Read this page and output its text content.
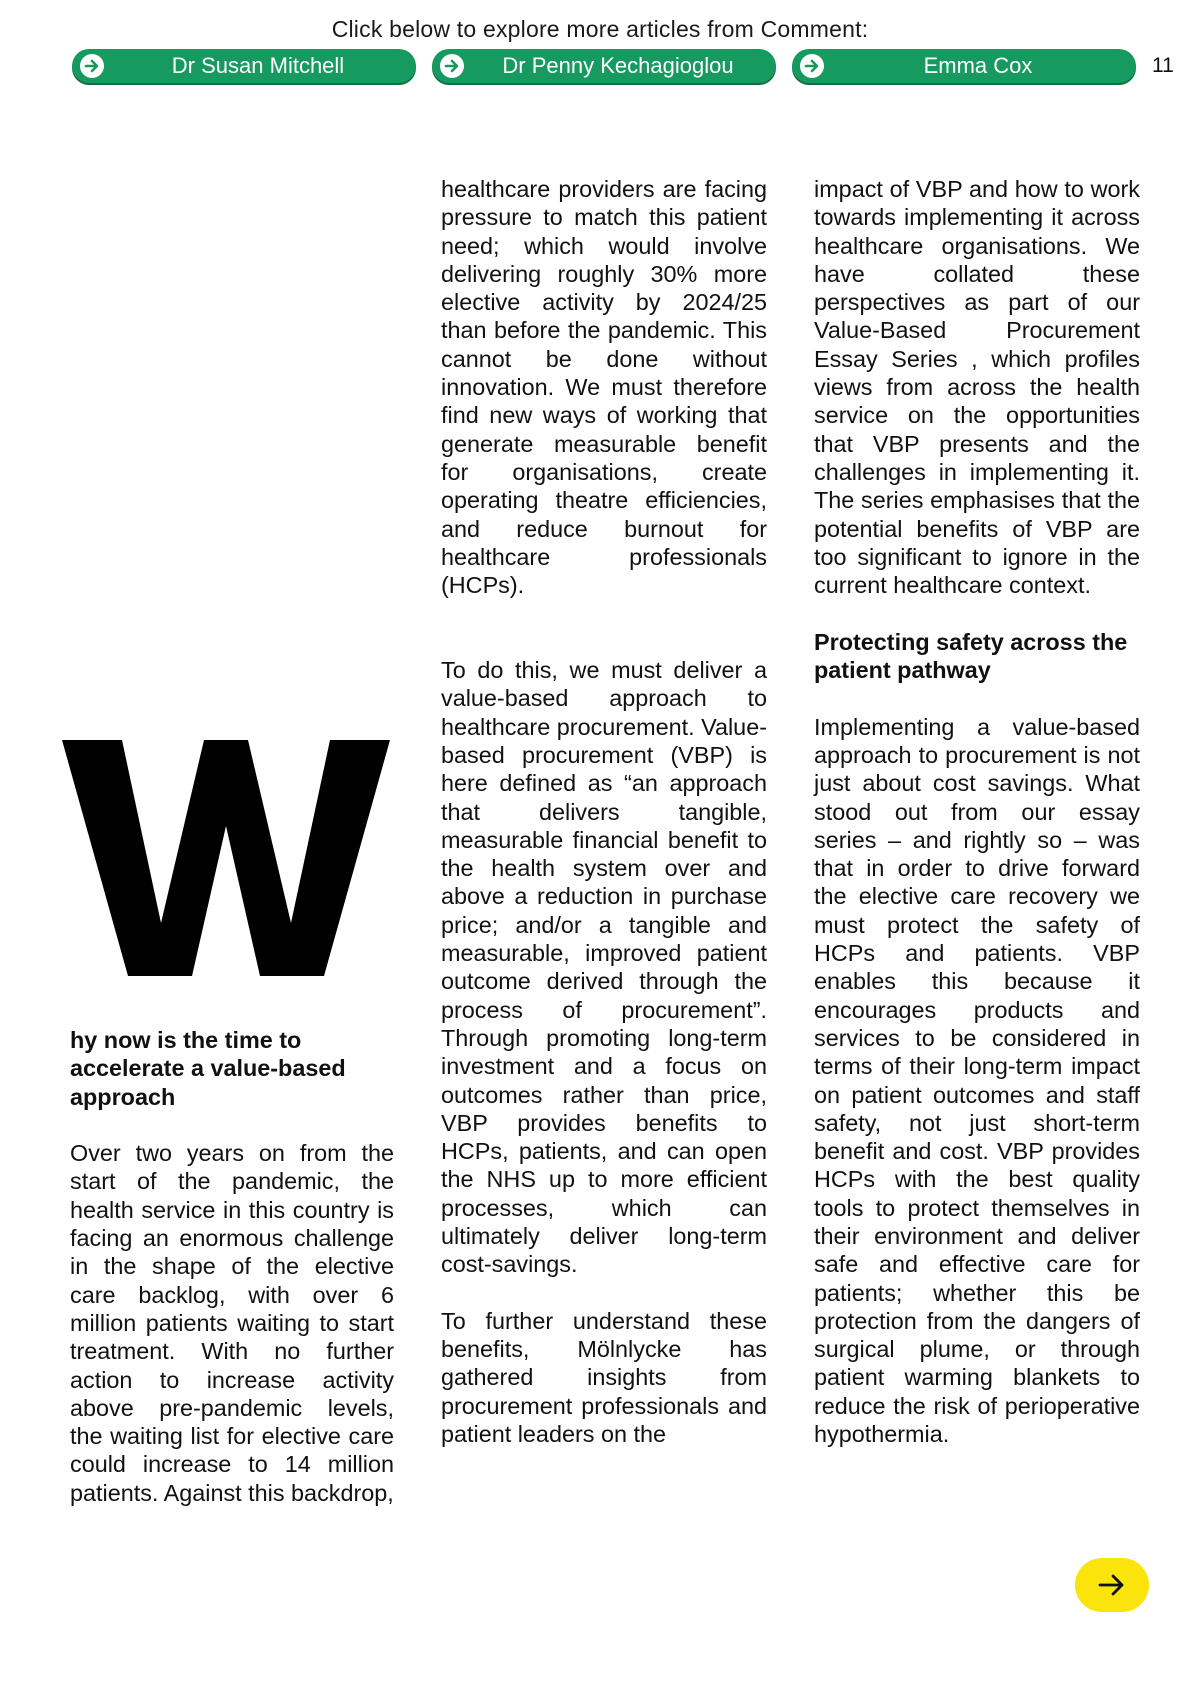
Click below to explore more articles from Comment:
Dr Susan Mitchell	Dr Penny Kechagioglou	Emma Cox	11
hy now is the time to accelerate a value-based approach

Over two years on from the start of the pandemic, the health service in this country is facing an enormous challenge in the shape of the elective care backlog, with over 6 million patients waiting to start treatment. With no further action to increase activity above pre-pandemic levels, the waiting list for elective care could increase to 14 million patients. Against this backdrop,

healthcare providers are facing pressure to match this patient need; which would involve delivering roughly 30% more elective activity by 2024/25 than before the pandemic. This cannot be done without innovation. We must therefore find new ways of working that generate measurable benefit for organisations, create operating theatre efficiencies, and reduce burnout for healthcare professionals (HCPs).

To do this, we must deliver a value-based approach to healthcare procurement. Value-based procurement (VBP) is here defined as “an approach that delivers tangible, measurable financial benefit to the health system over and above a reduction in purchase price; and/or a tangible and measurable, improved patient outcome derived through the process of procurement”. Through promoting long-term investment and a focus on outcomes rather than price, VBP provides benefits to HCPs, patients, and can open the NHS up to more efficient processes, which can ultimately deliver long-term cost-savings.

To further understand these benefits, Mölnlycke has gathered insights from procurement professionals and patient leaders on the

impact of VBP and how to work towards implementing it across healthcare organisations. We have collated these perspectives as part of our Value-Based Procurement Essay Series , which profiles views from across the health service on the opportunities that VBP presents and the challenges in implementing it. The series emphasises that the potential benefits of VBP are too significant to ignore in the current healthcare context.

Protecting safety across the patient pathway

Implementing a value-based approach to procurement is not just about cost savings. What stood out from our essay series – and rightly so – was that in order to drive forward the elective care recovery we must protect the safety of HCPs and patients. VBP enables this because it encourages products and services to be considered in terms of their long-term impact on patient outcomes and staff safety, not just short-term benefit and cost. VBP provides HCPs with the best quality tools to protect themselves in their environment and deliver safe and effective care for patients; whether this be protection from the dangers of surgical plume, or through patient warming blankets to reduce the risk of perioperative hypothermia.
